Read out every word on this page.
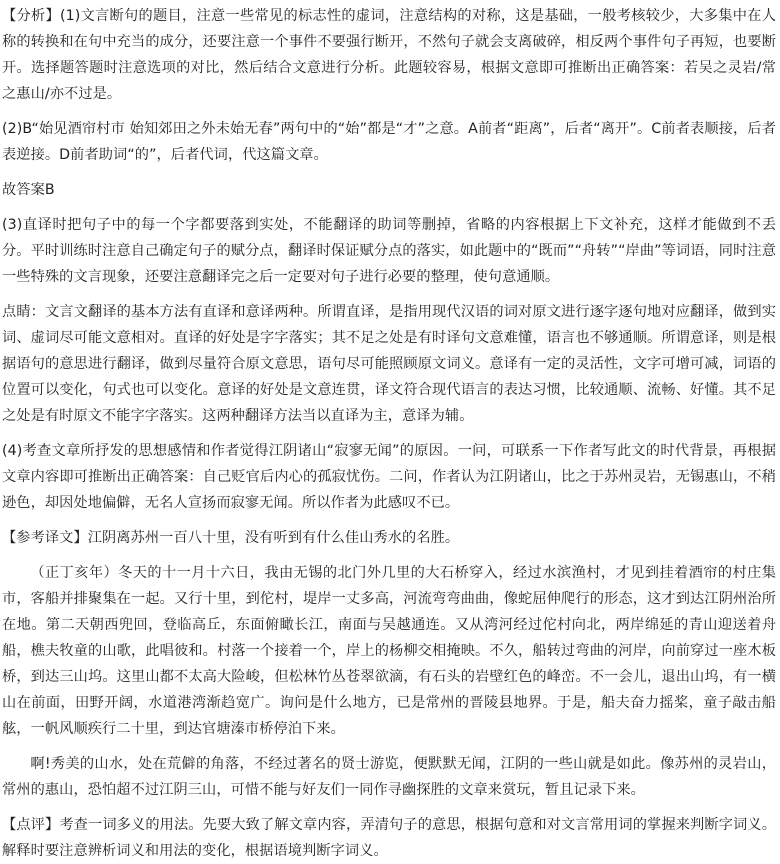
【分析】(1)文言断句的题目，注意一些常见的标志性的虚词，注意结构的对称，这是基础，一般考核较少，大多集中在人称的转换和在句中充当的成分，还要注意一个事件不要强行断开，不然句子就会支离破碎，相反两个事件句子再短，也要断开。选择题答题时注意选项的对比，然后结合文意进行分析。此题较容易，根据文意即可推断出正确答案：若吴之灵岩/常之惠山/亦不过是。

(2)B“始见酒帘村市 始知郊田之外未始无春”两句中的“始”都是“才”之意。A前者“距离”，后者“离开”。C前者表顺接，后者表逆接。D前者助词“的”，后者代词，代这篇文章。

故答案B

(3)直译时把句子中的每一个字都要落到实处，不能翻译的助词等删掉，省略的内容根据上下文补充，这样才能做到不丢分。平时训练时注意自己确定句子的赋分点，翻译时保证赋分点的落实，如此题中的“既而”“舟转”“岸曲”等词语，同时注意一些特殊的文言现象，还要注意翻译完之后一定要对句子进行必要的整理，使句意通顺。

点睛：文言文翻译的基本方法有直译和意译两种。所谓直译，是指用现代汉语的词对原文进行逐字逐句地对应翻译，做到实词、虚词尽可能文意相对。直译的好处是字字落实；其不足之处是有时译句文意难懂，语言也不够通顺。所谓意译，则是根据语句的意思进行翻译，做到尽量符合原文意思，语句尽可能照顾原文词义。意译有一定的灵活性，文字可增可减，词语的位置可以变化，句式也可以变化。意译的好处是文意连贯，译文符合现代语言的表达习惯，比较通顺、流畅、好懂。其不足之处是有时原文不能字字落实。这两种翻译方法当以直译为主，意译为辅。

(4)考查文章所抒发的思想感情和作者觉得江阴诸山“寂寥无闻”的原因。一问，可联系一下作者写此文的时代背景，再根据文章内容即可推断出正确答案：自己贬官后内心的孤寂忧伤。二问，作者认为江阴诸山，比之于苏州灵岩，无锡惠山，不稍逊色，却因处地偏僻，无名人宣扬而寂寥无闻。所以作者为此感叹不已。

【参考译文】江阴离苏州一百八十里，没有听到有什么佳山秀水的名胜。

（正丁亥年）冬天的十一月十六日，我由无锡的北门外几里的大石桥穿入，经过水滨渔村，才见到挂着酒帘的村庄集市，客船并排聚集在一起。又行十里，到佗村，堤岸一丈多高，河流弯弯曲曲，像蛇屈伸爬行的形态，这才到达江阴州治所在地。第二天朝西兜回，登临高丘，东面俯瞰长江，南面与吴越通连。又从湾河经过佗村向北，两岸绵延的青山迎送着舟船，樵夫牧童的山歌，此唱彼和。村落一个接着一个，岸上的杨柳交相掩映。不久，船转过弯曲的河岸，向前穿过一座木板桥，到达三山坞。这里山都不太高大险峻，但松林竹丛苍翠欲滴，有石头的岩壁红色的峰峦。不一会儿，退出山坞，有一横山在前面，田野开阔，水道港湾渐趋宽广。询问是什么地方，已是常州的晋陵县地界。于是，船夫奋力摇桨，童子敲击船舷，一帆风顺疾行二十里，到达官塘溱市桥停泊下来。

啊!秀美的山水，处在荒僻的角落，不经过著名的贤士游览，便默默无闻，江阴的一些山就是如此。像苏州的灵岩山，常州的惠山，恐怕超不过江阴三山，可惜不能与好友们一同作寻幽探胜的文章来赏玩，暂且记录下来。

【点评】考查一词多义的用法。先要大致了解文章内容，弄清句子的意思，根据句意和对文言常用词的掌握来判断字词义。解释时要注意辨析词义和用法的变化，根据语境判断字词义。
